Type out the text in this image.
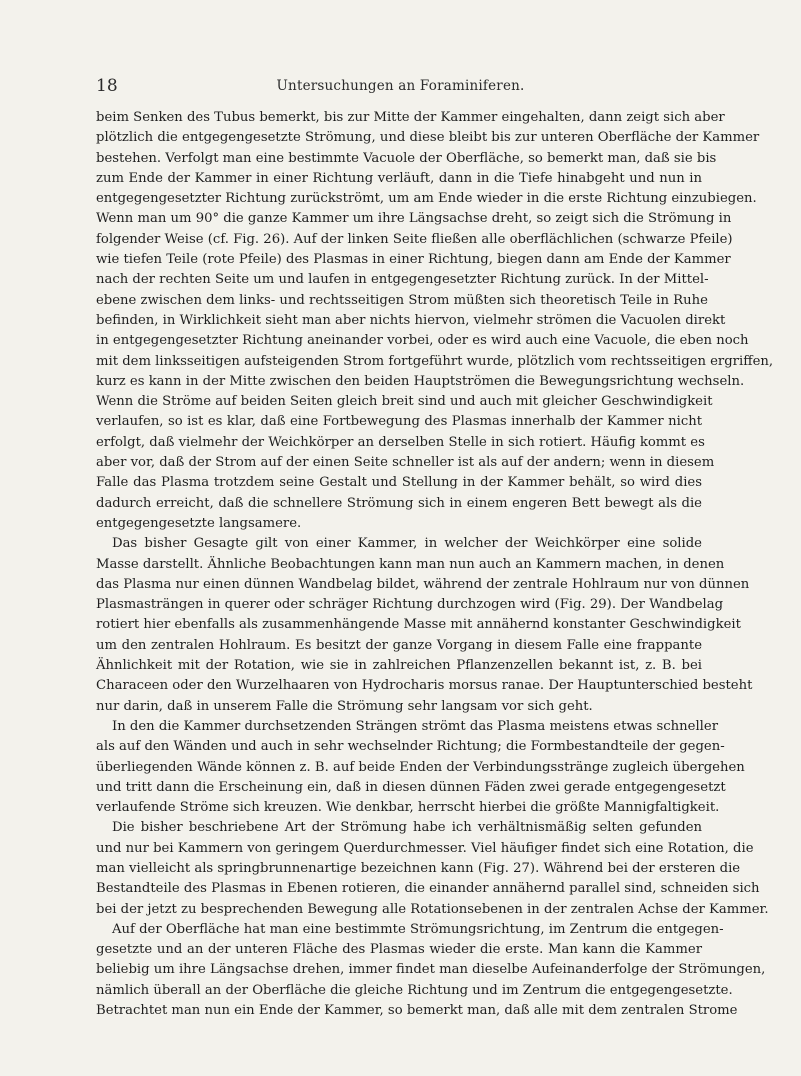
18	Untersuchungen an Foraminiferen.
beim Senken des Tubus bemerkt, bis zur Mitte der Kammer eingehalten, dann zeigt sich aber
plötzlich die entgegengesetzte Strömung, und diese bleibt bis zur unteren Oberfläche der Kammer
bestehen. Verfolgt man eine bestimmte Vacuole der Oberfläche, so bemerkt man, daß sie bis
zum Ende der Kammer in einer Richtung verläuft, dann in die Tiefe hinabgeht und nun in
entgegengesetzter Richtung zurückströmt, um am Ende wieder in die erste Richtung einzubiegen.
Wenn man um 90° die ganze Kammer um ihre Längsachse dreht, so zeigt sich die Strömung in
folgender Weise (cf. Fig. 26). Auf der linken Seite fließen alle oberflächlichen (schwarze Pfeile)
wie tiefen Teile (rote Pfeile) des Plasmas in einer Richtung, biegen dann am Ende der Kammer
nach der rechten Seite um und laufen in entgegengesetzter Richtung zurück. In der Mittel-
ebene zwischen dem links- und rechtsseitigen Strom müßten sich theoretisch Teile in Ruhe
befinden, in Wirklichkeit sieht man aber nichts hiervon, vielmehr strömen die Vacuolen direkt
in entgegengesetzter Richtung aneinander vorbei, oder es wird auch eine Vacuole, die eben noch
mit dem linksseitigen aufsteigenden Strom fortgeführt wurde, plötzlich vom rechtsseitigen ergriffen,
kurz es kann in der Mitte zwischen den beiden Hauptströmen die Bewegungsrichtung wechseln.
Wenn die Ströme auf beiden Seiten gleich breit sind und auch mit gleicher Geschwindigkeit
verlaufen, so ist es klar, daß eine Fortbewegung des Plasmas innerhalb der Kammer nicht
erfolgt, daß vielmehr der Weichkörper an derselben Stelle in sich rotiert. Häufig kommt es
aber vor, daß der Strom auf der einen Seite schneller ist als auf der andern; wenn in diesem
Falle das Plasma trotzdem seine Gestalt und Stellung in der Kammer behält, so wird dies
dadurch erreicht, daß die schnellere Strömung sich in einem engeren Bett bewegt als die
entgegengesetzte langsamere.
Das bisher Gesagte gilt von einer Kammer, in welcher der Weichkörper eine solide
Masse darstellt. Ähnliche Beobachtungen kann man nun auch an Kammern machen, in denen
das Plasma nur einen dünnen Wandbelag bildet, während der zentrale Hohlraum nur von dünnen
Plasmasträngen in querer oder schräger Richtung durchzogen wird (Fig. 29). Der Wandbelag
rotiert hier ebenfalls als zusammenhängende Masse mit annähernd konstanter Geschwindigkeit
um den zentralen Hohlraum. Es besitzt der ganze Vorgang in diesem Falle eine frappante
Ähnlichkeit mit der Rotation, wie sie in zahlreichen Pflanzenzellen bekannt ist, z. B. bei
Characeen oder den Wurzelhaaren von Hydrocharis morsus ranae. Der Hauptunterschied besteht
nur darin, daß in unserem Falle die Strömung sehr langsam vor sich geht.
In den die Kammer durchsetzenden Strängen strömt das Plasma meistens etwas schneller
als auf den Wänden und auch in sehr wechselnder Richtung; die Formbestandteile der gegen-
überliegenden Wände können z. B. auf beide Enden der Verbindungsstränge zugleich übergehen
und tritt dann die Erscheinung ein, daß in diesen dünnen Fäden zwei gerade entgegengesetzt
verlaufende Ströme sich kreuzen. Wie denkbar, herrscht hierbei die größte Mannigfaltigkeit.
Die bisher beschriebene Art der Strömung habe ich verhältnismäßig selten gefunden
und nur bei Kammern von geringem Querdurchmesser. Viel häufiger findet sich eine Rotation, die
man vielleicht als springbrunnenartige bezeichnen kann (Fig. 27). Während bei der ersteren die
Bestandteile des Plasmas in Ebenen rotieren, die einander annähernd parallel sind, schneiden sich
bei der jetzt zu besprechenden Bewegung alle Rotationsebenen in der zentralen Achse der Kammer.
Auf der Oberfläche hat man eine bestimmte Strömungsrichtung, im Zentrum die entgegen-
gesetzte und an der unteren Fläche des Plasmas wieder die erste. Man kann die Kammer
beliebig um ihre Längsachse drehen, immer findet man dieselbe Aufeinanderfolge der Strömungen,
nämlich überall an der Oberfläche die gleiche Richtung und im Zentrum die entgegengesetzte.
Betrachtet man nun ein Ende der Kammer, so bemerkt man, daß alle mit dem zentralen Strome
